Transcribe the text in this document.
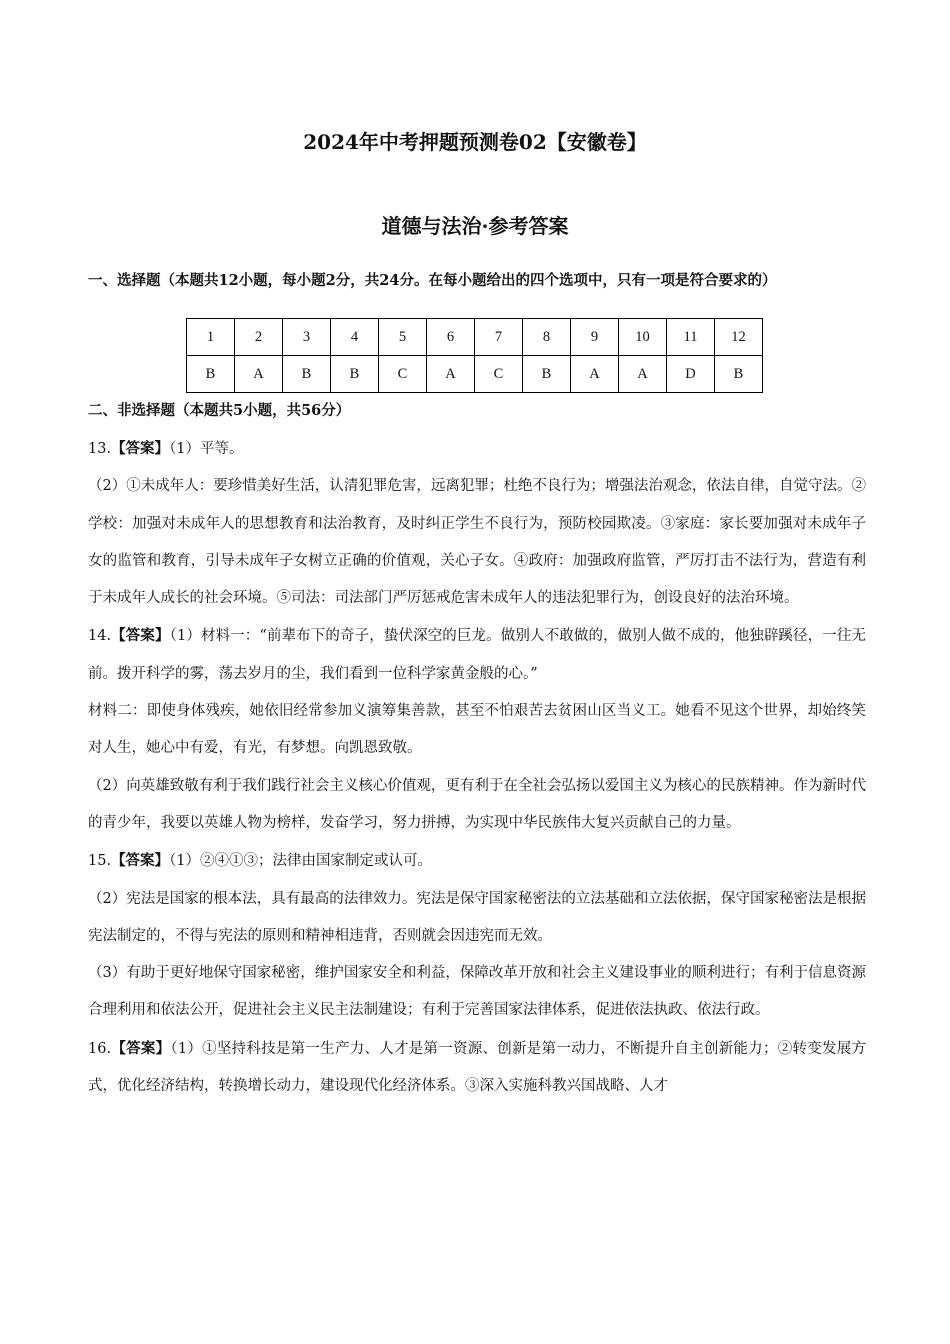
2024年中考押题预测卷02【安徽卷】
道德与法治·参考答案
一、选择题（本题共12小题，每小题2分，共24分。在每小题给出的四个选项中，只有一项是符合要求的）
1	2	3	4	5	6	7	8	9	10	11	12
B	A	B	B	C	A	C	B	A	A	D	B
二、非选择题（本题共5小题，共56分）

13.【答案】（1）平等。

（2）①未成年人：要珍惜美好生活，认清犯罪危害，远离犯罪；杜绝不良行为；增强法治观念，依法自律，自觉守法。②学校：加强对未成年人的思想教育和法治教育，及时纠正学生不良行为，预防校园欺凌。③家庭：家长要加强对未成年子女的监管和教育，引导未成年子女树立正确的价值观，关心子女。④政府：加强政府监管，严厉打击不法行为，营造有利于未成年人成长的社会环境。⑤司法：司法部门严厉惩戒危害未成年人的违法犯罪行为，创设良好的法治环境。

14.【答案】（1）材料一：“前辈布下的奇子，蛰伏深空的巨龙。做别人不敢做的，做别人做不成的，他独辟蹊径，一往无前。拨开科学的雾，荡去岁月的尘，我们看到一位科学家黄金般的心。”

材料二：即使身体残疾，她依旧经常参加义演筹集善款，甚至不怕艰苦去贫困山区当义工。她看不见这个世界，却始终笑对人生，她心中有爱，有光，有梦想。向凯恩致敬。

（2）向英雄致敬有利于我们践行社会主义核心价值观，更有利于在全社会弘扬以爱国主义为核心的民族精神。作为新时代的青少年，我要以英雄人物为榜样，发奋学习，努力拼搏，为实现中华民族伟大复兴贡献自己的力量。

15.【答案】（1）②④①③；法律由国家制定或认可。

（2）宪法是国家的根本法，具有最高的法律效力。宪法是保守国家秘密法的立法基础和立法依据，保守国家秘密法是根据宪法制定的，不得与宪法的原则和精神相违背，否则就会因违宪而无效。

（3）有助于更好地保守国家秘密，维护国家安全和利益，保障改革开放和社会主义建设事业的顺利进行；有利于信息资源合理利用和依法公开，促进社会主义民主法制建设；有利于完善国家法律体系，促进依法执政、依法行政。

16.【答案】（1）①坚持科技是第一生产力、人才是第一资源、创新是第一动力，不断提升自主创新能力；②转变发展方式，优化经济结构，转换增长动力，建设现代化经济体系。③深入实施科教兴国战略、人才
